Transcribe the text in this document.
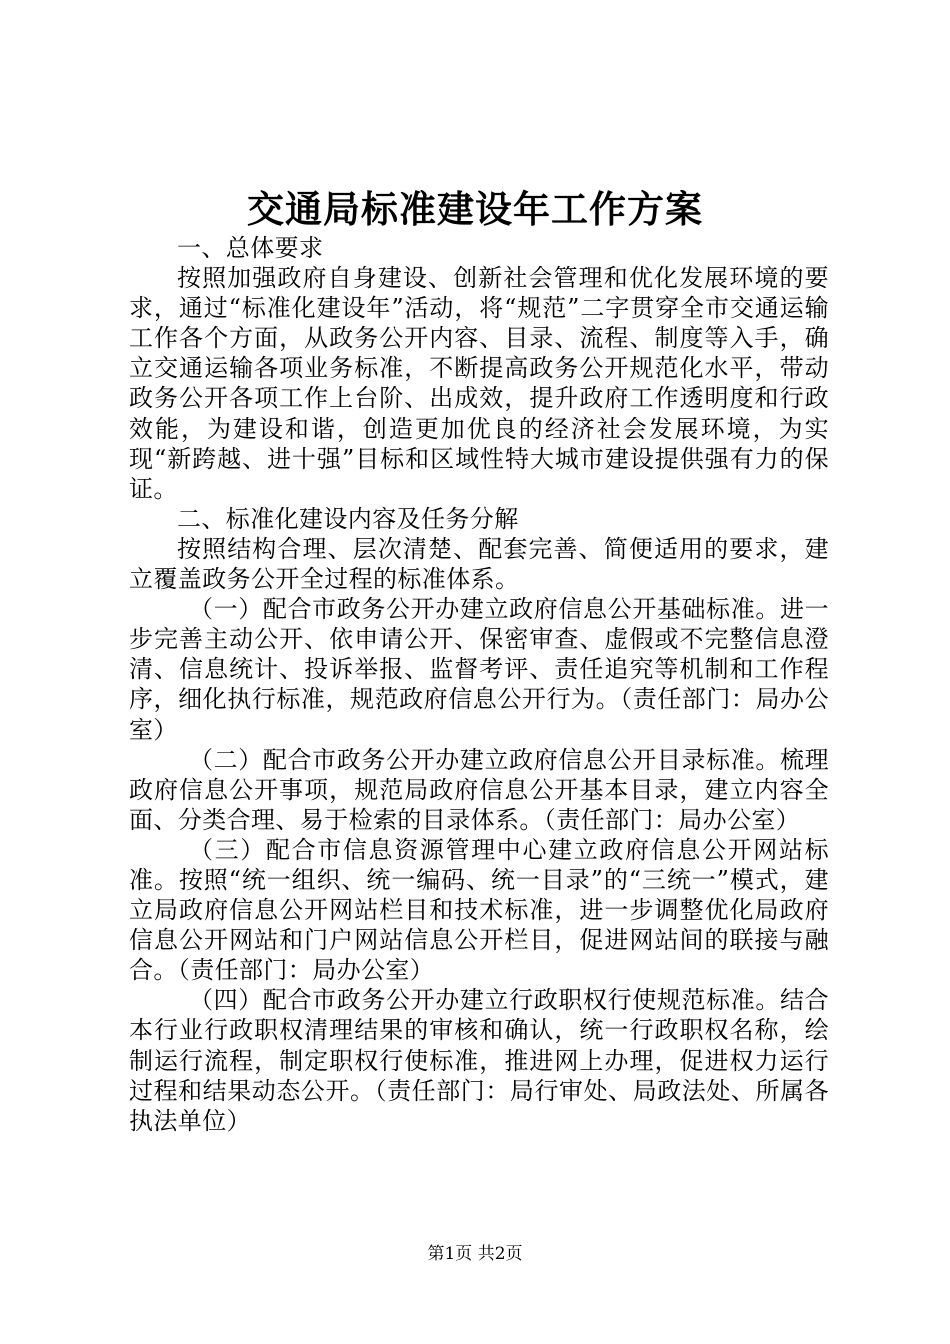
交通局标准建设年工作方案

一、总体要求

按照加强政府自身建设、创新社会管理和优化发展环境的要求，通过“标准化建设年”活动，将“规范”二字贯穿全市交通运输工作各个方面，从政务公开内容、目录、流程、制度等入手，确立交通运输各项业务标准，不断提高政务公开规范化水平，带动政务公开各项工作上台阶、出成效，提升政府工作透明度和行政效能，为建设和谐，创造更加优良的经济社会发展环境，为实现“新跨越、进十强”目标和区域性特大城市建设提供强有力的保证。

二、标准化建设内容及任务分解

按照结构合理、层次清楚、配套完善、简便适用的要求，建立覆盖政务公开全过程的标准体系。

（一）配合市政务公开办建立政府信息公开基础标准。进一步完善主动公开、依申请公开、保密审查、虚假或不完整信息澄清、信息统计、投诉举报、监督考评、责任追究等机制和工作程序，细化执行标准，规范政府信息公开行为。（责任部门：局办公室）

（二）配合市政务公开办建立政府信息公开目录标准。梳理政府信息公开事项，规范局政府信息公开基本目录，建立内容全面、分类合理、易于检索的目录体系。（责任部门：局办公室）

（三）配合市信息资源管理中心建立政府信息公开网站标准。按照“统一组织、统一编码、统一目录”的“三统一”模式，建立局政府信息公开网站栏目和技术标准，进一步调整优化局政府信息公开网站和门户网站信息公开栏目，促进网站间的联接与融合。（责任部门：局办公室）

（四）配合市政务公开办建立行政职权行使规范标准。结合本行业行政职权清理结果的审核和确认，统一行政职权名称，绘制运行流程，制定职权行使标准，推进网上办理，促进权力运行过程和结果动态公开。（责任部门：局行审处、局政法处、所属各执法单位）

第1页 共2页
